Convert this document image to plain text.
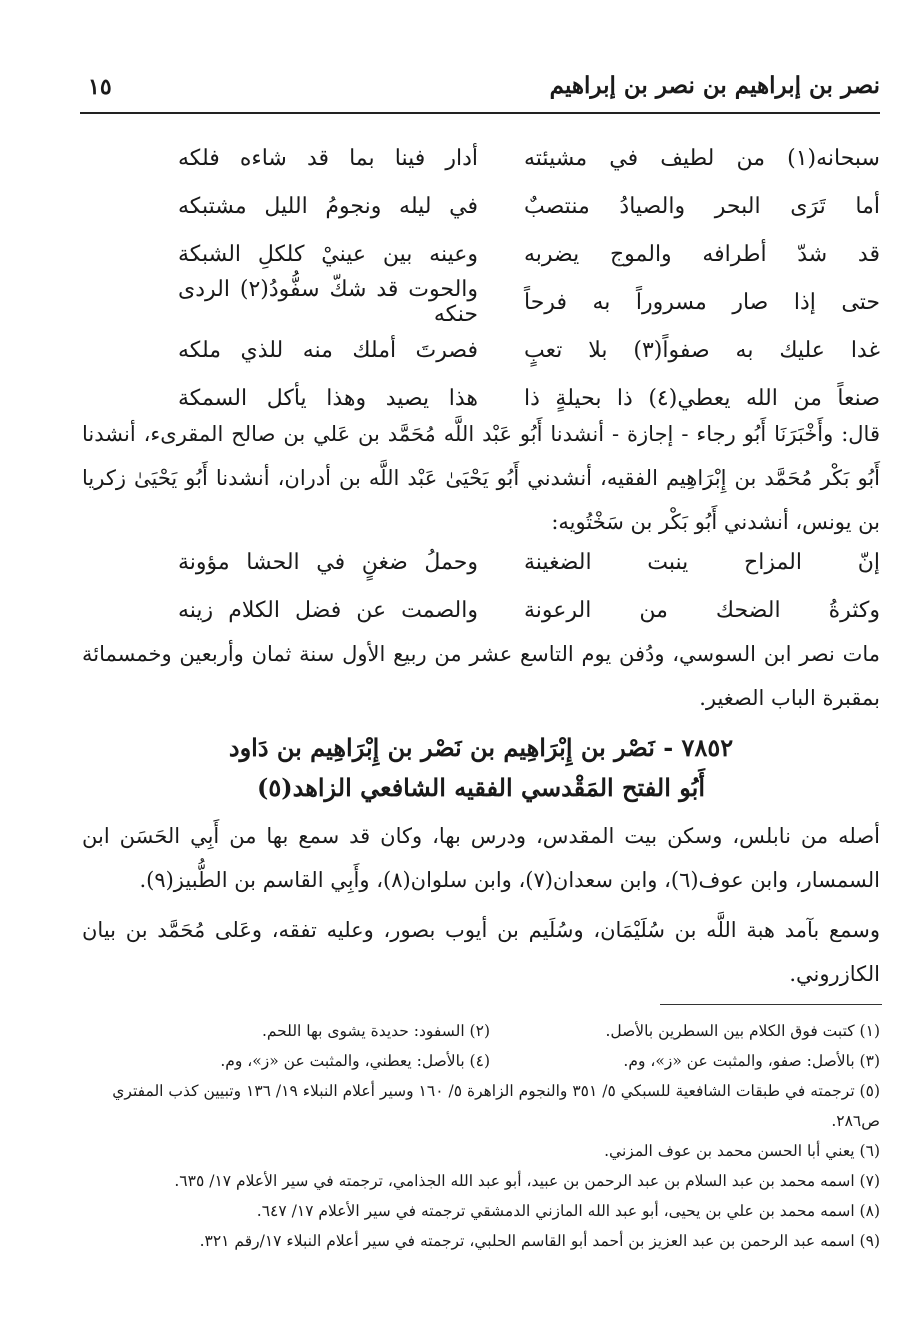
نصر بن إبراهيم بن نصر بن إبراهيم
١٥
سبحانه(١) من لطيف في مشيئته
أدار فينا بما قد شاءه فلكه
أما تَرَى البحر والصيادُ منتصبٌ
في ليله ونجومُ الليل مشتبكه
قد شدّ أطرافه والموج يضربه
وعينه بين عينيْ كلكلِ الشبكة
حتى إذا صار مسروراً به فرحاً
والحوت قد شكّ سفُّودُ(٢) الردى حنكه
غدا عليك به صفواً(٣) بلا تعبٍ
فصرتَ أملك منه للذي ملكه
صنعاً من الله يعطي(٤) ذا بحيلةٍ ذا
هذا يصيد وهذا يأكل السمكة

قال: وأَخْبَرَنَا أَبُو رجاء - إجازة - أنشدنا أَبُو عَبْد اللَّه مُحَمَّد بن عَلي بن صالح المقرىء، أنشدنا أَبُو بَكْر مُحَمَّد بن إِبْرَاهِيم الفقيه، أنشدني أَبُو يَحْيَىٰ عَبْد اللَّه بن أدران، أنشدنا أَبُو يَحْيَىٰ زكريا بن يونس، أنشدني أَبُو بَكْر بن سَخْتُويه:

إنّ المزاح ينبت الضغينة
وحملُ ضغنٍ في الحشا مؤونة
وكثرةُ الضحك من الرعونة
والصمت عن فضل الكلام زينه

مات نصر ابن السوسي، ودُفن يوم التاسع عشر من ربيع الأول سنة ثمان وأربعين وخمسمائة بمقبرة الباب الصغير.

٧٨٥٢ - نَصْر بن إِبْرَاهِيم بن نَصْر بن إِبْرَاهِيم بن دَاود

أَبُو الفتح المَقْدسي الفقيه الشافعي الزاهد(٥)

أصله من نابلس، وسكن بيت المقدس، ودرس بها، وكان قد سمع بها من أَبِي الحَسَن ابن السمسار، وابن عوف(٦)، وابن سعدان(٧)، وابن سلوان(٨)، وأَبِي القاسم بن الطُّبيز(٩).

وسمع بآمد هبة اللَّه بن سُلَيْمَان، وسُلَيم بن أيوب بصور، وعليه تفقه، وعَلى مُحَمَّد بن بيان الكازروني.

(١) كتبت فوق الكلام بين السطرين بالأصل.
(٢) السفود: حديدة يشوى بها اللحم.
(٣) بالأصل: صفو، والمثبت عن «ز»، وم.
(٤) بالأصل: يعطني، والمثبت عن «ز»، وم.
(٥) ترجمته في طبقات الشافعية للسبكي ٥/ ٣٥١ والنجوم الزاهرة ٥/ ١٦٠ وسير أعلام النبلاء ١٩/ ١٣٦ وتبيين كذب المفتري ص٢٨٦.
(٦) يعني أبا الحسن محمد بن عوف المزني.
(٧) اسمه محمد بن عبد السلام بن عبد الرحمن بن عبيد، أبو عبد الله الجذامي، ترجمته في سير الأعلام ١٧/ ٦٣٥.
(٨) اسمه محمد بن علي بن يحيى، أبو عبد الله المازني الدمشقي ترجمته في سير الأعلام ١٧/ ٦٤٧.
(٩) اسمه عبد الرحمن بن عبد العزيز بن أحمد أبو القاسم الحلبي، ترجمته في سير أعلام النبلاء ١٧/رقم ٣٢١.
